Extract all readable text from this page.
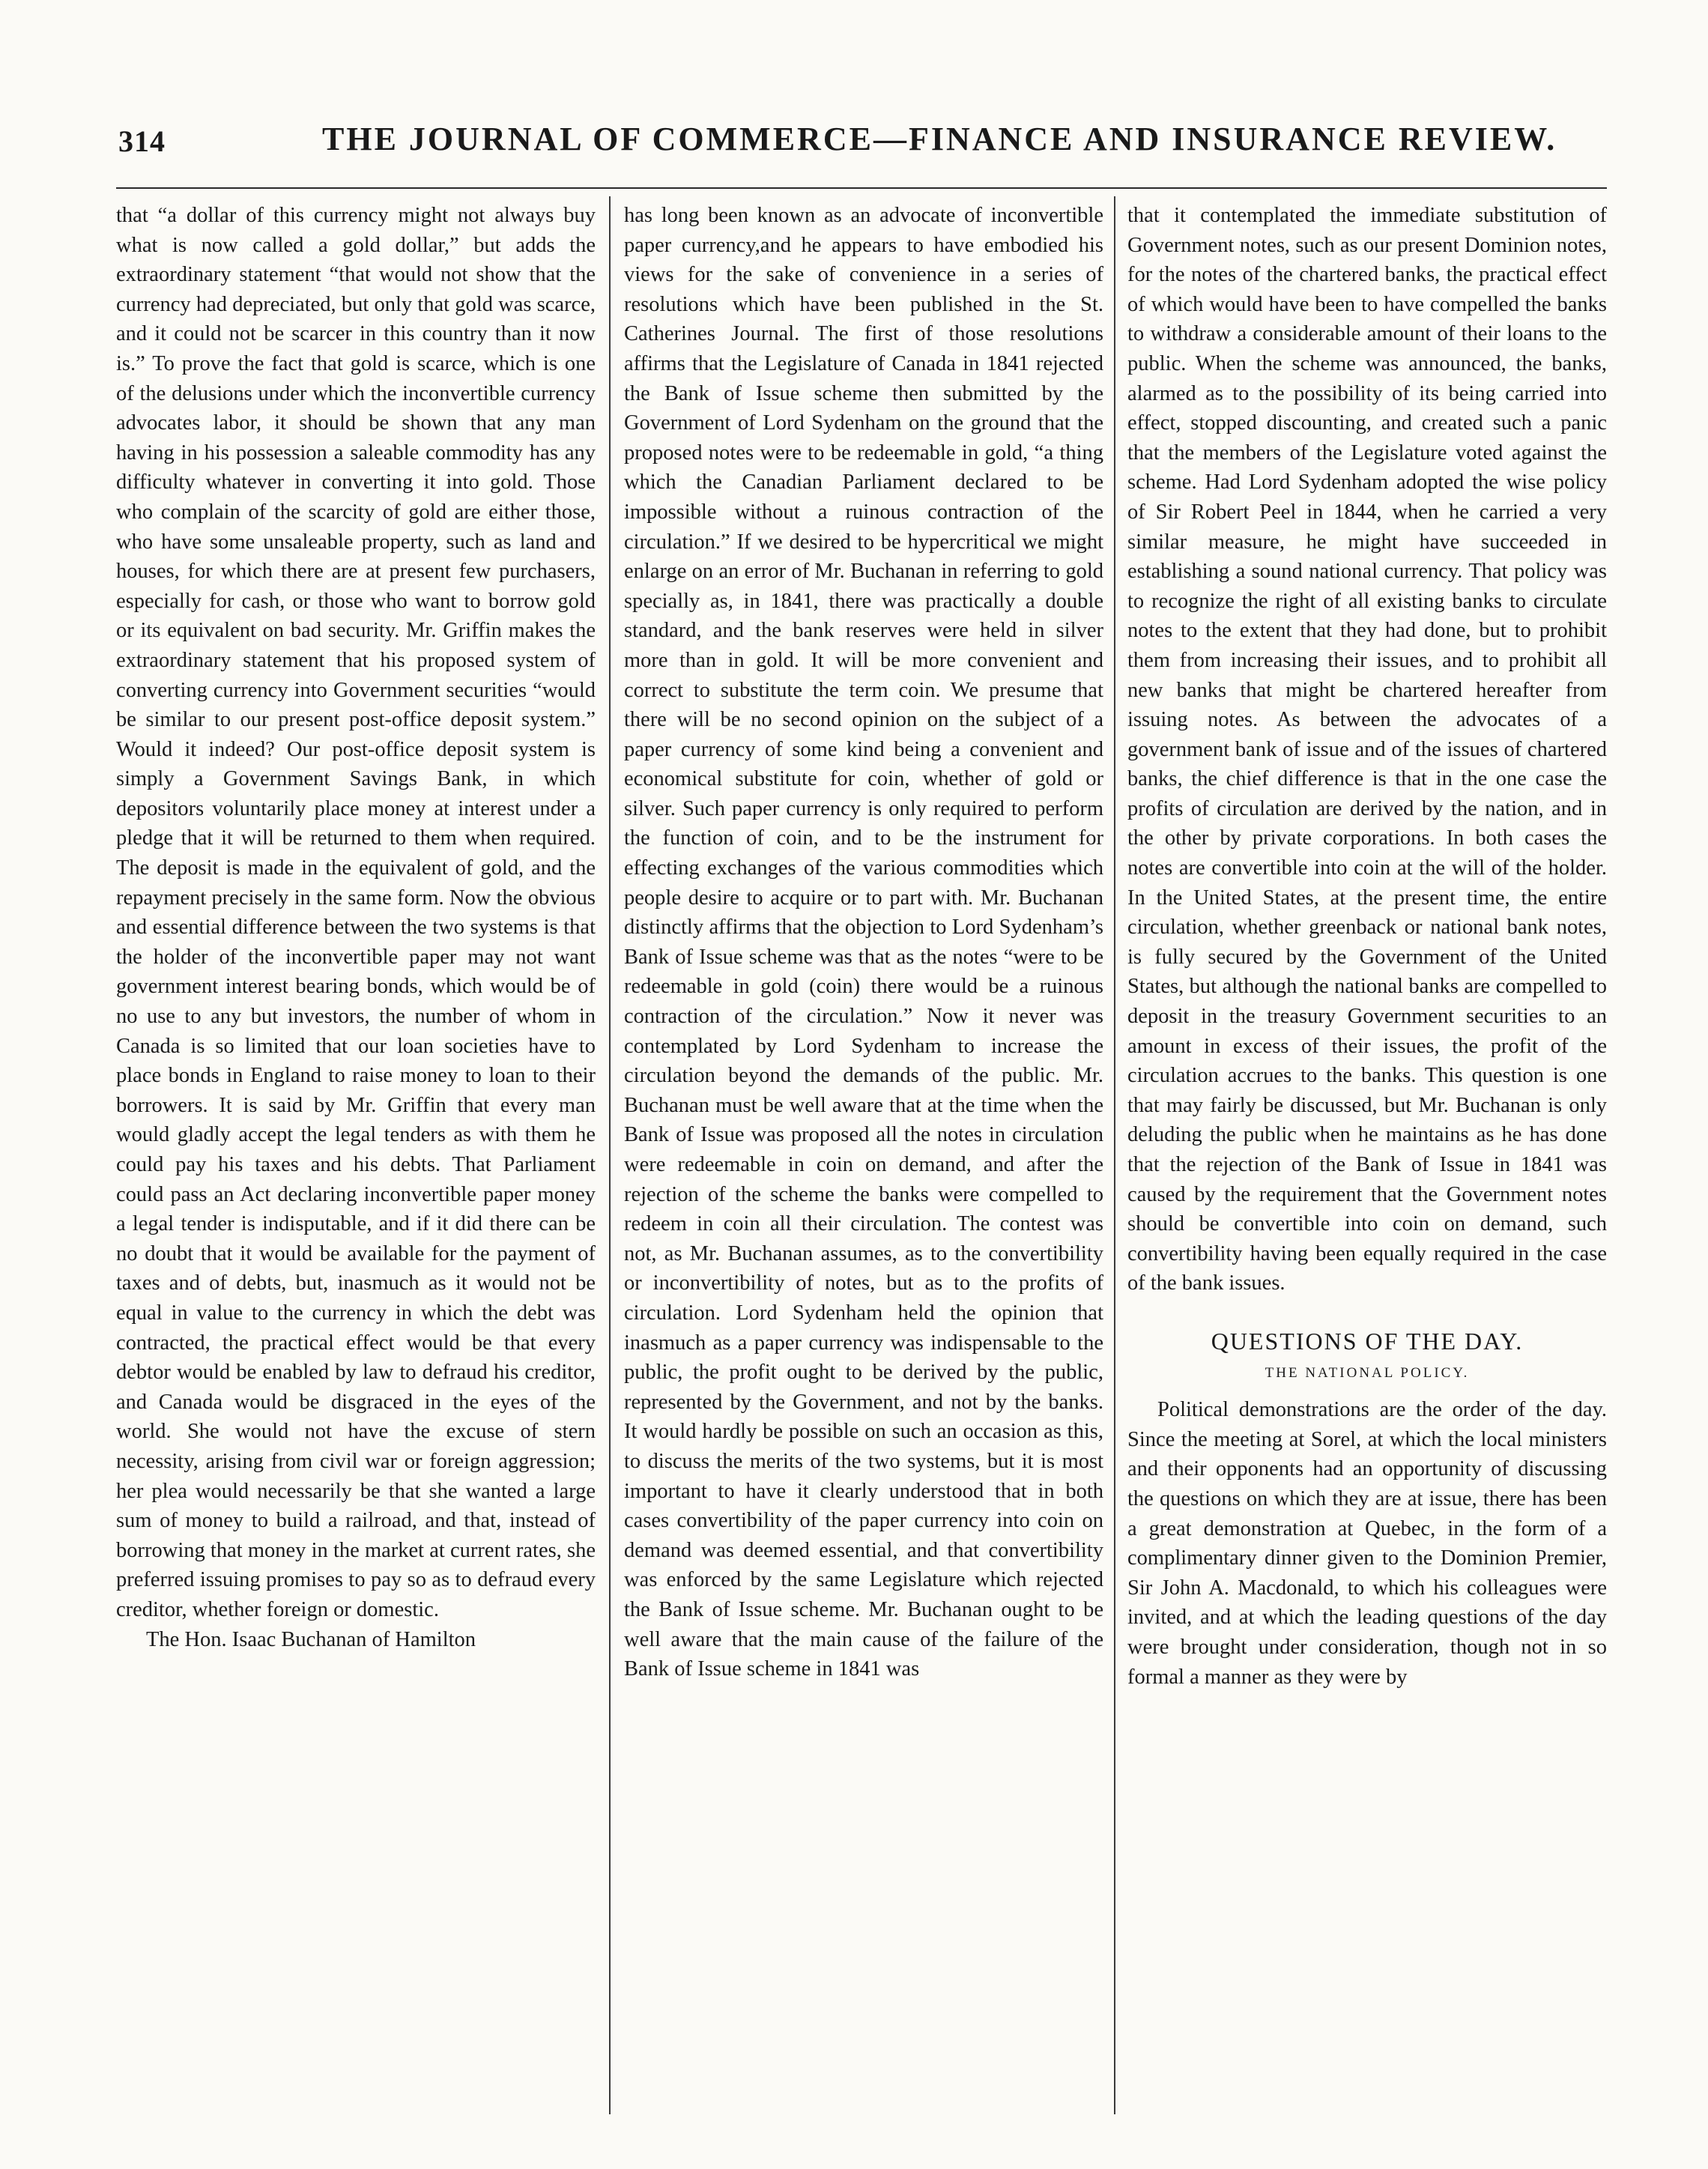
314	THE JOURNAL OF COMMERCE—FINANCE AND INSURANCE REVIEW.

that “a dollar of this currency might not always buy what is now called a gold dollar,” but adds the extraordinary statement “that would not show that the currency had depreciated, but only that gold was scarce, and it could not be scarcer in this country than it now is.” To prove the fact that gold is scarce, which is one of the delusions under which the inconvertible currency advocates labor, it should be shown that any man having in his possession a saleable commodity has any difficulty whatever in converting it into gold. Those who complain of the scarcity of gold are either those, who have some unsaleable property, such as land and houses, for which there are at present few purchasers, especially for cash, or those who want to borrow gold or its equivalent on bad security. Mr. Griffin makes the extraordinary statement that his proposed system of converting currency into Government securities “would be similar to our present post-office deposit system.” Would it indeed? Our post-office deposit system is simply a Government Savings Bank, in which depositors voluntarily place money at interest under a pledge that it will be returned to them when required. The deposit is made in the equivalent of gold, and the repayment precisely in the same form. Now the obvious and essential difference between the two systems is that the holder of the inconvertible paper may not want government interest bearing bonds, which would be of no use to any but investors, the number of whom in Canada is so limited that our loan societies have to place bonds in England to raise money to loan to their borrowers. It is said by Mr. Griffin that every man would gladly accept the legal tenders as with them he could pay his taxes and his debts. That Parliament could pass an Act declaring inconvertible paper money a legal tender is indisputable, and if it did there can be no doubt that it would be available for the payment of taxes and of debts, but, inasmuch as it would not be equal in value to the currency in which the debt was contracted, the practical effect would be that every debtor would be enabled by law to defraud his creditor, and Canada would be disgraced in the eyes of the world. She would not have the excuse of stern necessity, arising from civil war or foreign aggression; her plea would necessarily be that she wanted a large sum of money to build a railroad, and that, instead of borrowing that money in the market at current rates, she preferred issuing promises to pay so as to defraud every creditor, whether foreign or domestic.

The Hon. Isaac Buchanan of Hamilton

has long been known as an advocate of inconvertible paper currency,and he appears to have embodied his views for the sake of convenience in a series of resolutions which have been published in the St. Catherines Journal. The first of those resolutions affirms that the Legislature of Canada in 1841 rejected the Bank of Issue scheme then submitted by the Government of Lord Sydenham on the ground that the proposed notes were to be redeemable in gold, “a thing which the Canadian Parliament declared to be impossible without a ruinous contraction of the circulation.” If we desired to be hypercritical we might enlarge on an error of Mr. Buchanan in referring to gold specially as, in 1841, there was practically a double standard, and the bank reserves were held in silver more than in gold. It will be more convenient and correct to substitute the term coin. We presume that there will be no second opinion on the subject of a paper currency of some kind being a convenient and economical substitute for coin, whether of gold or silver. Such paper currency is only required to perform the function of coin, and to be the instrument for effecting exchanges of the various commodities which people desire to acquire or to part with. Mr. Buchanan distinctly affirms that the objection to Lord Sydenham’s Bank of Issue scheme was that as the notes “were to be redeemable in gold (coin) there would be a ruinous contraction of the circulation.” Now it never was contemplated by Lord Sydenham to increase the circulation beyond the demands of the public. Mr. Buchanan must be well aware that at the time when the Bank of Issue was proposed all the notes in circulation were redeemable in coin on demand, and after the rejection of the scheme the banks were compelled to redeem in coin all their circulation. The contest was not, as Mr. Buchanan assumes, as to the convertibility or inconvertibility of notes, but as to the profits of circulation. Lord Sydenham held the opinion that inasmuch as a paper currency was indispensable to the public, the profit ought to be derived by the public, represented by the Government, and not by the banks. It would hardly be possible on such an occasion as this, to discuss the merits of the two systems, but it is most important to have it clearly understood that in both cases convertibility of the paper currency into coin on demand was deemed essential, and that convertibility was enforced by the same Legislature which rejected the Bank of Issue scheme. Mr. Buchanan ought to be well aware that the main cause of the failure of the Bank of Issue scheme in 1841 was

that it contemplated the immediate substitution of Government notes, such as our present Dominion notes, for the notes of the chartered banks, the practical effect of which would have been to have compelled the banks to withdraw a considerable amount of their loans to the public. When the scheme was announced, the banks, alarmed as to the possibility of its being carried into effect, stopped discounting, and created such a panic that the members of the Legislature voted against the scheme. Had Lord Sydenham adopted the wise policy of Sir Robert Peel in 1844, when he carried a very similar measure, he might have succeeded in establishing a sound national currency. That policy was to recognize the right of all existing banks to circulate notes to the extent that they had done, but to prohibit them from increasing their issues, and to prohibit all new banks that might be chartered hereafter from issuing notes. As between the advocates of a government bank of issue and of the issues of chartered banks, the chief difference is that in the one case the profits of circulation are derived by the nation, and in the other by private corporations. In both cases the notes are convertible into coin at the will of the holder. In the United States, at the present time, the entire circulation, whether greenback or national bank notes, is fully secured by the Government of the United States, but although the national banks are compelled to deposit in the treasury Government securities to an amount in excess of their issues, the profit of the circulation accrues to the banks. This question is one that may fairly be discussed, but Mr. Buchanan is only deluding the public when he maintains as he has done that the rejection of the Bank of Issue in 1841 was caused by the requirement that the Government notes should be convertible into coin on demand, such convertibility having been equally required in the case of the bank issues.

QUESTIONS OF THE DAY.
THE NATIONAL POLICY.

Political demonstrations are the order of the day. Since the meeting at Sorel, at which the local ministers and their opponents had an opportunity of discussing the questions on which they are at issue, there has been a great demonstration at Quebec, in the form of a complimentary dinner given to the Dominion Premier, Sir John A. Macdonald, to which his colleagues were invited, and at which the leading questions of the day were brought under consideration, though not in so formal a manner as they were by
